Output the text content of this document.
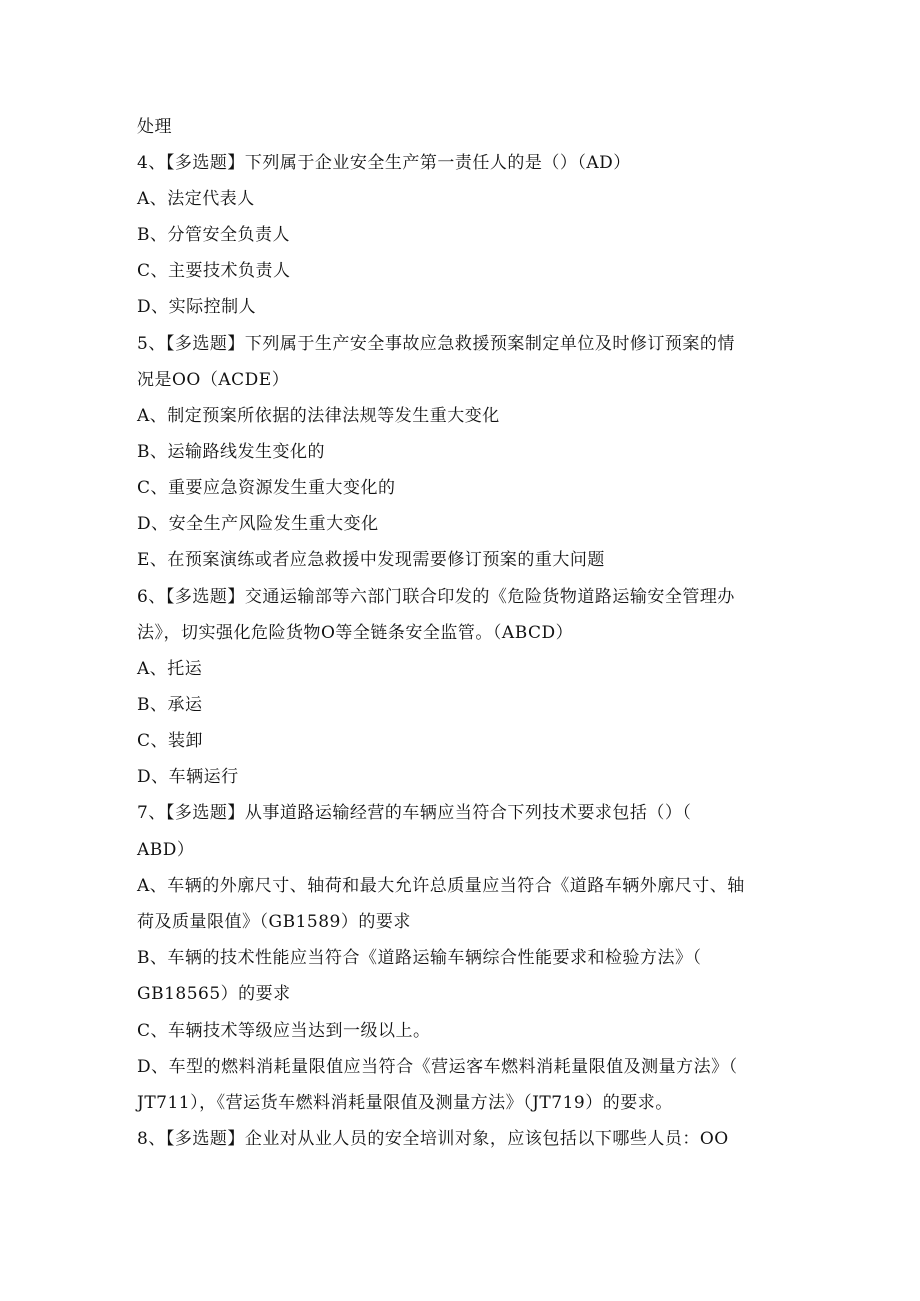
处理
4、【多选题】下列属于企业安全生产第一责任人的是（）（AD）
A、法定代表人
B、分管安全负责人
C、主要技术负责人
D、实际控制人
5、【多选题】下列属于生产安全事故应急救援预案制定单位及时修订预案的情
况是OO（ACDE）
A、制定预案所依据的法律法规等发生重大变化
B、运输路线发生变化的
C、重要应急资源发生重大变化的
D、安全生产风险发生重大变化
E、在预案演练或者应急救援中发现需要修订预案的重大问题
6、【多选题】交通运输部等六部门联合印发的《危险货物道路运输安全管理办
法》，切实强化危险货物O等全链条安全监管。（ABCD）
A、托运
B、承运
C、装卸
D、车辆运行
7、【多选题】从事道路运输经营的车辆应当符合下列技术要求包括（）（
ABD）
A、车辆的外廓尺寸、轴荷和最大允许总质量应当符合《道路车辆外廓尺寸、轴
荷及质量限值》（GB1589）的要求
B、车辆的技术性能应当符合《道路运输车辆综合性能要求和检验方法》（
GB18565）的要求
C、车辆技术等级应当达到一级以上。
D、车型的燃料消耗量限值应当符合《营运客车燃料消耗量限值及测量方法》（
JT711），《营运货车燃料消耗量限值及测量方法》（JT719）的要求。
8、【多选题】企业对从业人员的安全培训对象，应该包括以下哪些人员：OO
